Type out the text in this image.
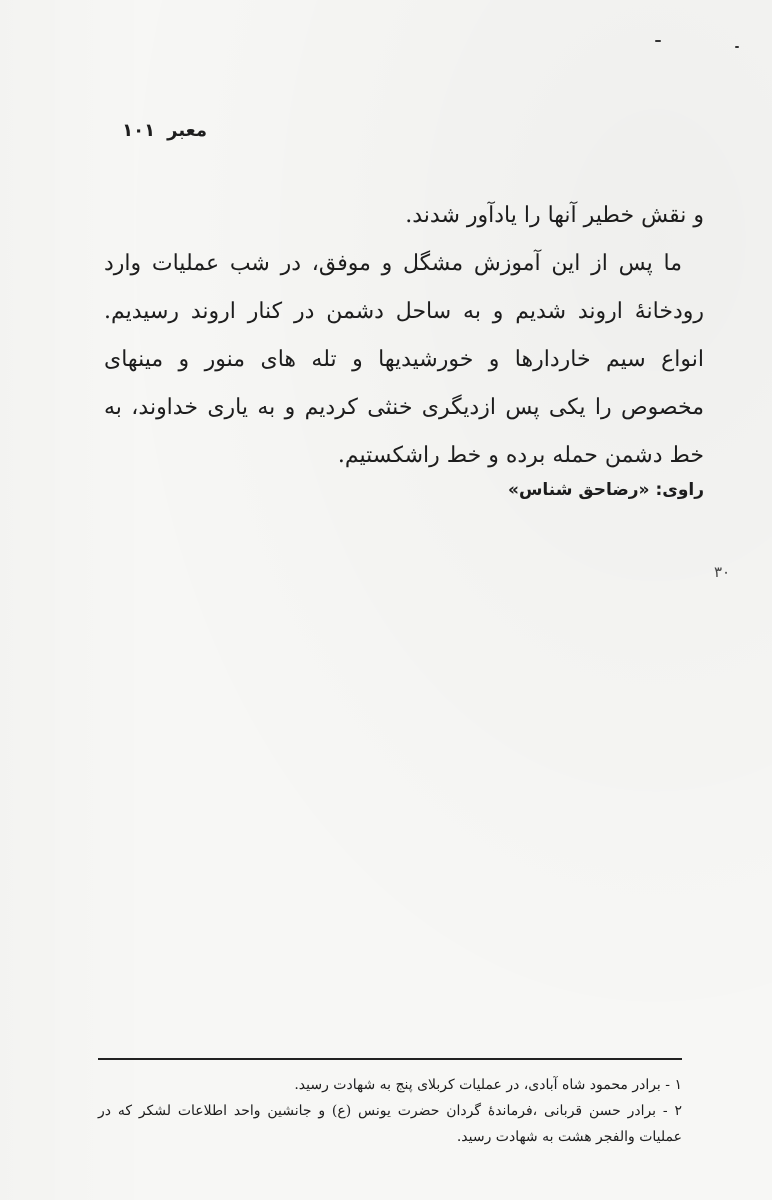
معبر
۱۰۱

و نقش خطیر آنها را یادآور شدند.

ما پس از این آموزش مشگل و موفق، در شب عملیات وارد رودخانهٔ اروند شدیم و به ساحل دشمن در کنار اروند رسیدیم. انواع سیم خاردارها و خورشیدیها و تله های منور و مینهای مخصوص را یکی پس ازدیگری خنثی کردیم و به یاری خداوند، به خط دشمن حمله برده و خط راشکستیم.

راوی: «رضاحق شناس»
۳۰

۱ - برادر محمود شاه آبادی، در عملیات کربلای پنج به شهادت رسید.

۲ - برادر حسن قربانی ،فرماندهٔ گردان حضرت یونس (ع) و جانشین واحد اطلاعات لشکر که در عملیات والفجر هشت به شهادت رسید.
